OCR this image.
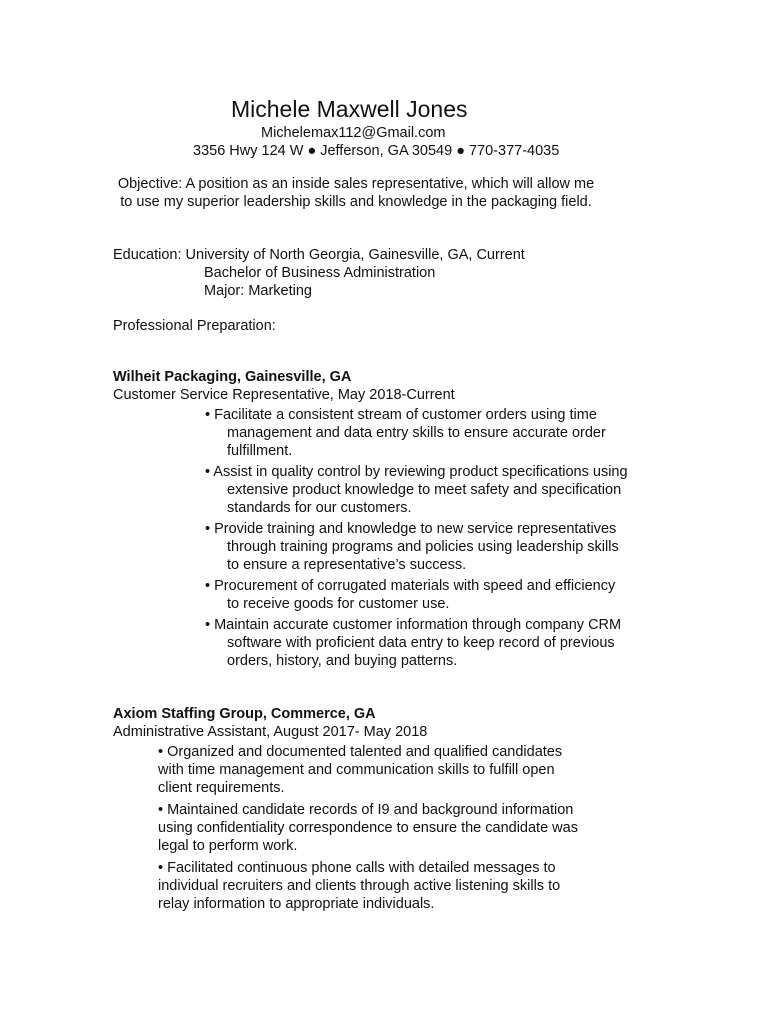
Michele Maxwell Jones
Michelemax112@Gmail.com
3356 Hwy 124 W ● Jefferson, GA 30549 ● 770-377-4035
Objective: A position as an inside sales representative, which will allow me to use my superior leadership skills and knowledge in the packaging field.
Education: University of North Georgia, Gainesville, GA, Current
Bachelor of Business Administration
Major: Marketing
Professional Preparation:
Wilheit Packaging, Gainesville, GA
Customer Service Representative, May 2018-Current
• Facilitate a consistent stream of customer orders using time management and data entry skills to ensure accurate order fulfillment.
• Assist in quality control by reviewing product specifications using extensive product knowledge to meet safety and specification standards for our customers.
• Provide training and knowledge to new service representatives through training programs and policies using leadership skills to ensure a representative’s success.
• Procurement of corrugated materials with speed and efficiency to receive goods for customer use.
• Maintain accurate customer information through company CRM software with proficient data entry to keep record of previous orders, history, and buying patterns.
Axiom Staffing Group, Commerce, GA
Administrative Assistant, August 2017- May 2018
• Organized and documented talented and qualified candidates with time management and communication skills to fulfill open client requirements.
• Maintained candidate records of I9 and background information using confidentiality correspondence to ensure the candidate was legal to perform work.
• Facilitated continuous phone calls with detailed messages to individual recruiters and clients through active listening skills to relay information to appropriate individuals.
